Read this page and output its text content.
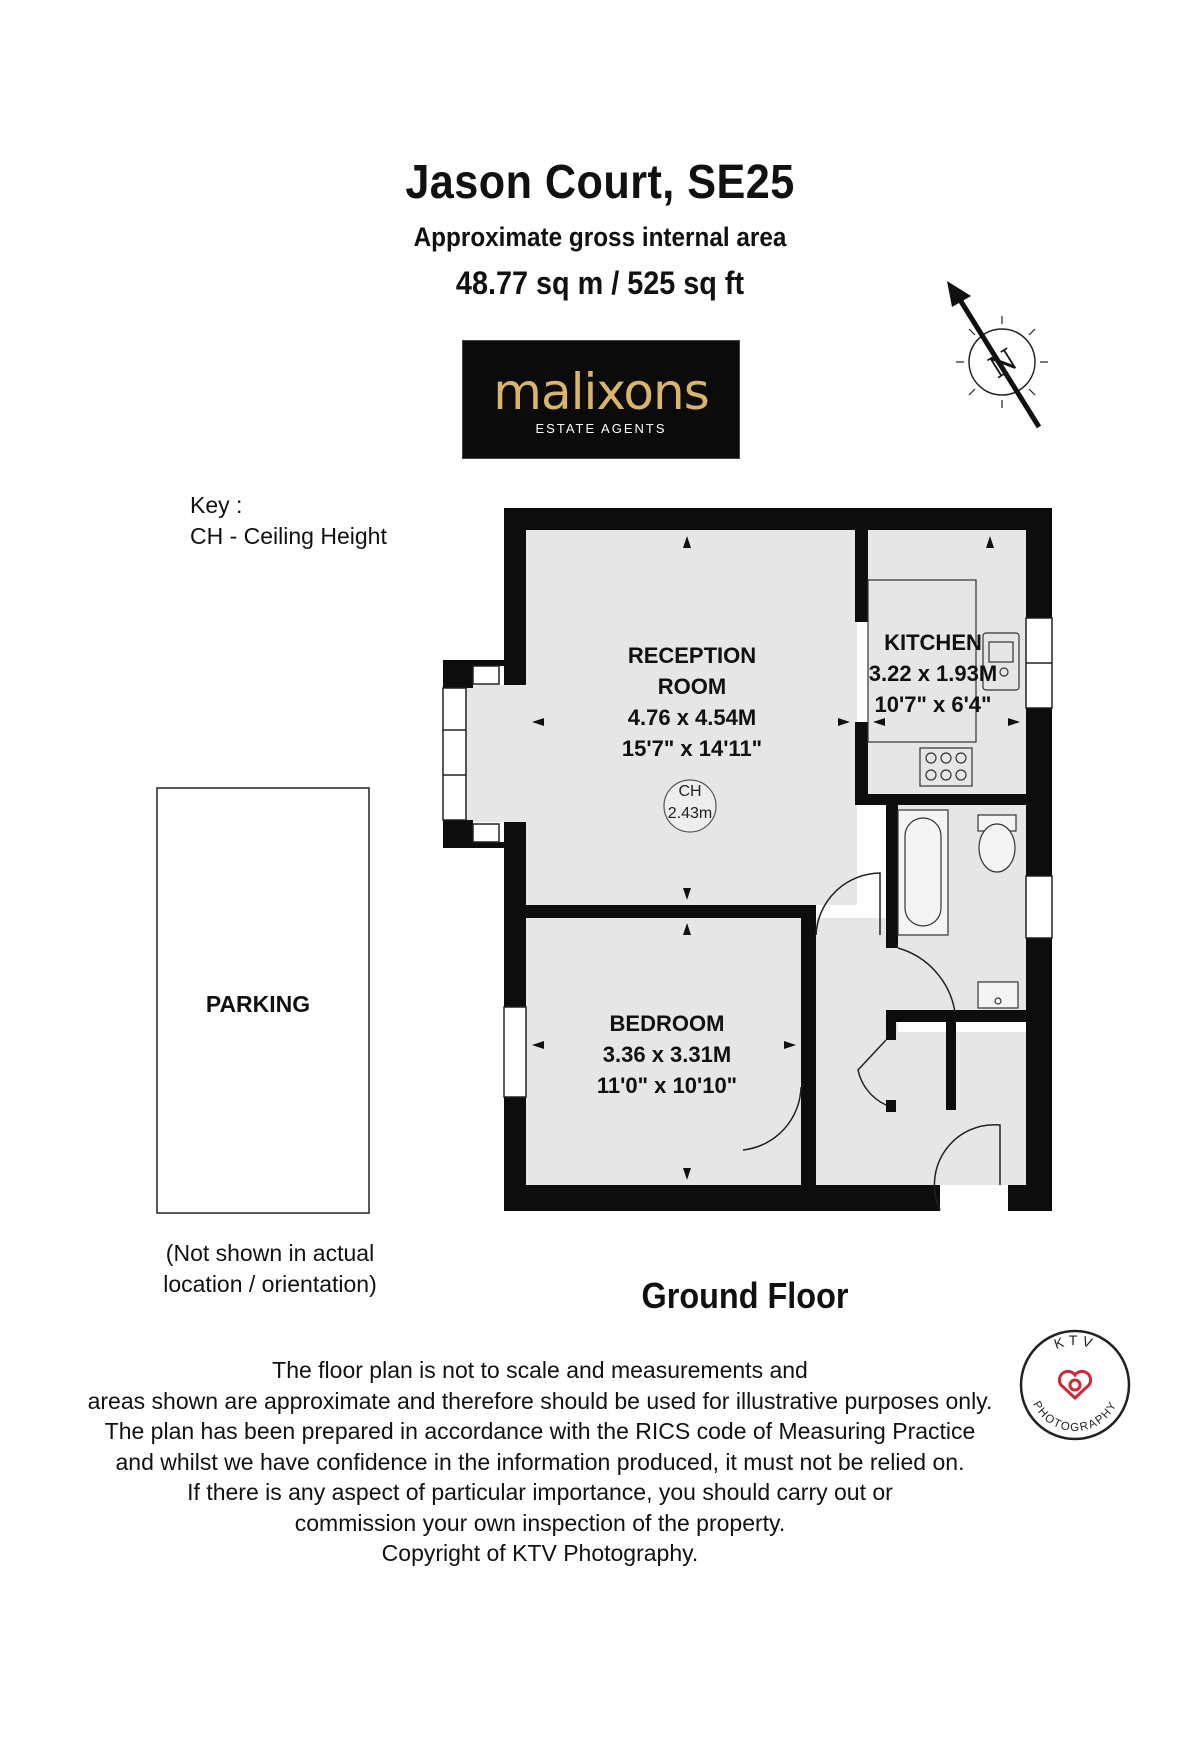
Jason Court, SE25
Approximate gross internal area
48.77 sq m / 525 sq ft
malixons
ESTATE AGENTS
N
Key :
CH - Ceiling Height
PARKING
CH
2.43m
RECEPTION
ROOM
4.76 x 4.54M
15'7" x 14'11"
KITCHEN
3.22 x 1.93M
10'7" x 6'4"
BEDROOM
3.36 x 3.31M
11'0" x 10'10"
(Not shown in actual
location / orientation)	Ground Floor
The floor plan is not to scale and measurements and
areas shown are approximate and therefore should be used for illustrative purposes only.
The plan has been prepared in accordance with the RICS code of Measuring Practice
and whilst we have confidence in the information produced, it must not be relied on.
If there is any aspect of particular importance, you should carry out or
commission your own inspection of the property.
Copyright of KTV Photography.
KTV
PHOTOGRAPHY
